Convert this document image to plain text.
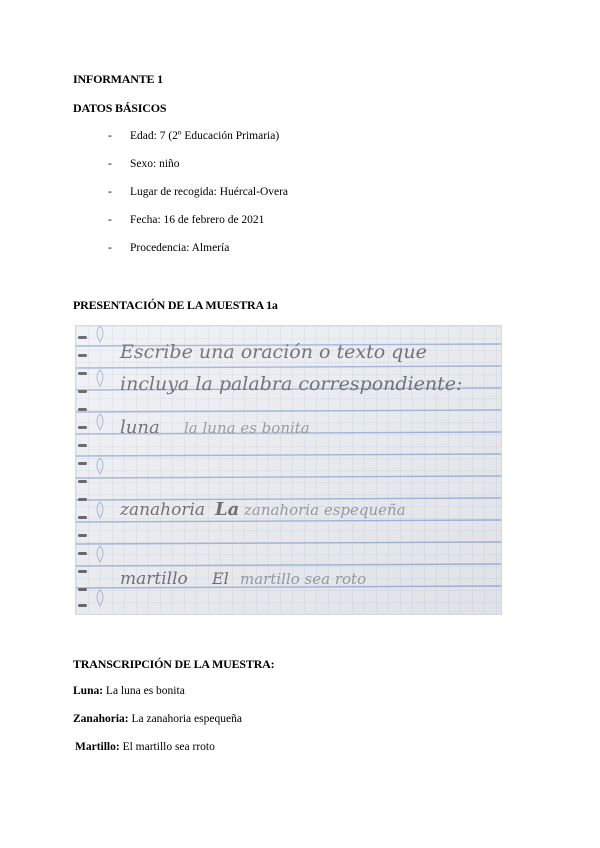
INFORMANTE 1
DATOS BÁSICOS
- Edad: 7 (2º Educación Primaria)
- Sexo: niño
- Lugar de recogida: Huércal-Overa
- Fecha: 16 de febrero de 2021
- Procedencia: Almería
PRESENTACIÓN DE LA MUESTRA 1a
TRANSCRIPCIÓN DE LA MUESTRA:
Luna: La luna es bonita
Zanahoria: La zanahoria espequeña
Martillo: El martillo sea rroto
